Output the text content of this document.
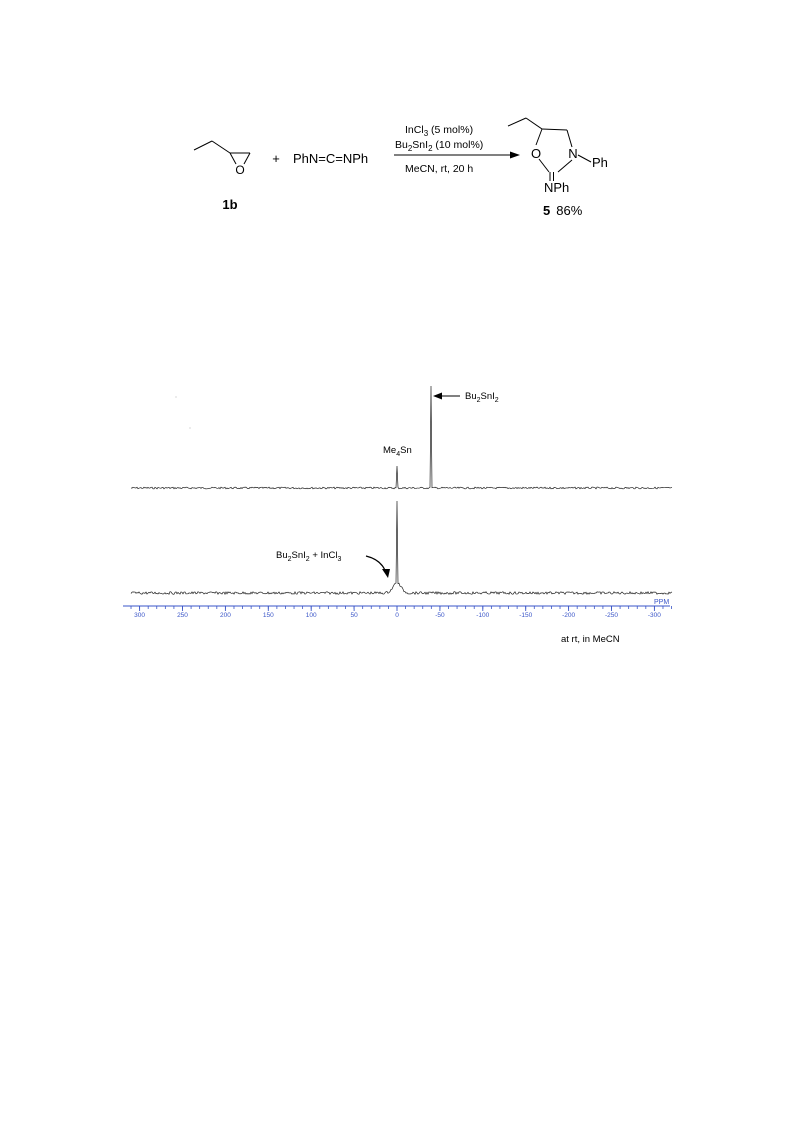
O
1b
+ PhN=C=NPh
InCl$_3$ (5 mol%)
$Bu_2SnI_2$ (10 mol%)
MeCN, rt, 20 h
O N
Ph
NPh
5 86%
$Me_4Sn$
$Bu_2SnI_2$
$Bu_2SnI_2$ + InCl$_3$
PPM
300	250	200	150	100	50	0	-50	-100	-150	-200	-250	-300
at rt, in MeCN
